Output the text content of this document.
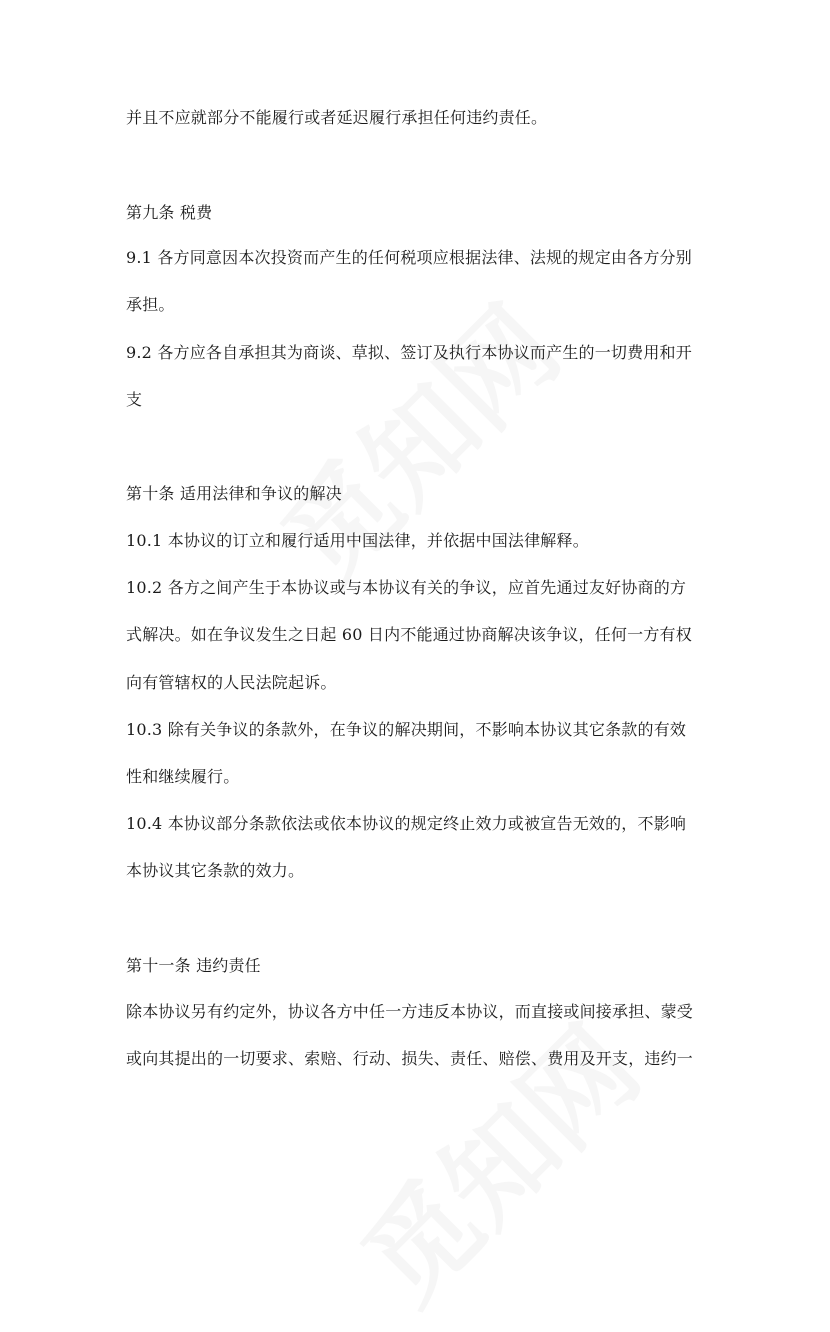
并且不应就部分不能履行或者延迟履行承担任何违约责任。
第九条 税费
9.1 各方同意因本次投资而产生的任何税项应根据法律、法规的规定由各方分别
承担。
9.2 各方应各自承担其为商谈、草拟、签订及执行本协议而产生的一切费用和开
支
第十条 适用法律和争议的解决
10.1 本协议的订立和履行适用中国法律，并依据中国法律解释。
10.2 各方之间产生于本协议或与本协议有关的争议，应首先通过友好协商的方
式解决。如在争议发生之日起 60 日内不能通过协商解决该争议，任何一方有权
向有管辖权的人民法院起诉。
10.3 除有关争议的条款外，在争议的解决期间，不影响本协议其它条款的有效
性和继续履行。
10.4 本协议部分条款依法或依本协议的规定终止效力或被宣告无效的，不影响
本协议其它条款的效力。
第十一条 违约责任
除本协议另有约定外，协议各方中任一方违反本协议，而直接或间接承担、蒙受
或向其提出的一切要求、索赔、行动、损失、责任、赔偿、费用及开支，违约一
